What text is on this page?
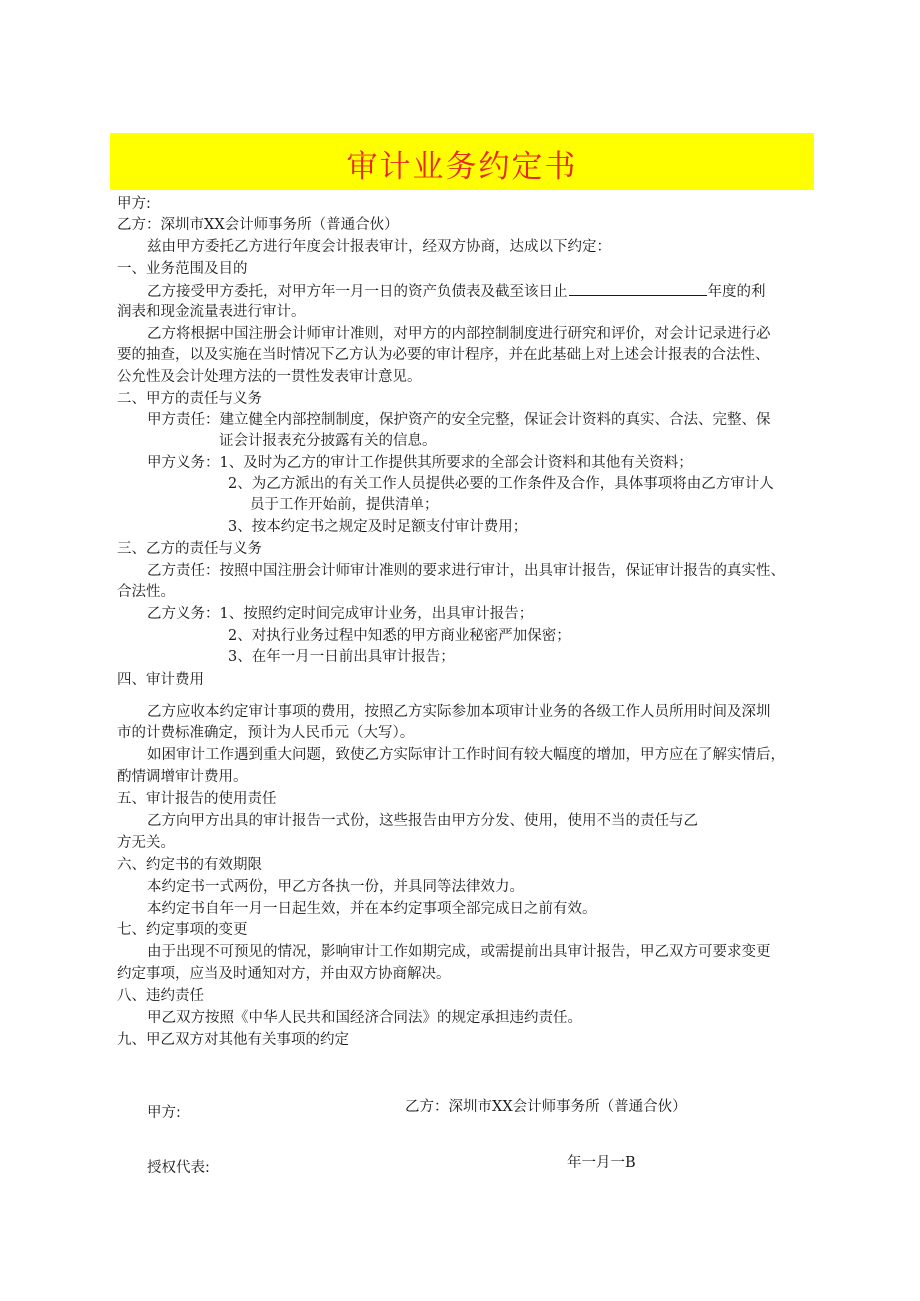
审计业务约定书
甲方:
乙方：深圳市XX会计师事务所（普通合伙）
兹由甲方委托乙方进行年度会计报表审计，经双方协商，达成以下约定：
一、业务范围及目的
乙方接受甲方委托，对甲方年一月一日的资产负债表及截至该日止	年度的利
润表和现金流量表进行审计。
乙方将根据中国注册会计师审计准则，对甲方的内部控制制度进行研究和评价，对会计记录进行必
要的抽查，以及实施在当时情况下乙方认为必要的审计程序，并在此基础上对上述会计报表的合法性、
公允性及会计处理方法的一贯性发表审计意见。
二、甲方的责任与义务
甲方责任：建立健全内部控制制度，保护资产的安全完整，保证会计资料的真实、合法、完整、保
证会计报表充分披露有关的信息。
甲方义务：1、及时为乙方的审计工作提供其所要求的全部会计资料和其他有关资料；
2、为乙方派出的有关工作人员提供必要的工作条件及合作，具体事项将由乙方审计人
员于工作开始前，提供清单；
3、按本约定书之规定及时足额支付审计费用；
三、乙方的责任与义务
乙方责任：按照中国注册会计师审计准则的要求进行审计，出具审计报告，保证审计报告的真实性、
合法性。
乙方义务：1、按照约定时间完成审计业务，出具审计报告；
2、对执行业务过程中知悉的甲方商业秘密严加保密；
3、在年一月一日前出具审计报告；
四、审计费用
乙方应收本约定审计事项的费用，按照乙方实际参加本项审计业务的各级工作人员所用时间及深圳
市的计费标准确定，预计为人民币元（大写）。
如困审计工作遇到重大问题，致使乙方实际审计工作时间有较大幅度的增加，甲方应在了解实情后，
酌情调增审计费用。
五、审计报告的使用责任
乙方向甲方出具的审计报告一式份，这些报告由甲方分发、使用，使用不当的责任与乙
方无关。
六、约定书的有效期限
本约定书一式两份，甲乙方各执一份，并具同等法律效力。
本约定书自年一月一日起生效，并在本约定事项全部完成日之前有效。
七、约定事项的变更
由于出现不可预见的情况，影响审计工作如期完成，或需提前出具审计报告，甲乙双方可要求变更
约定事项，应当及时通知对方，并由双方协商解决。
八、违约责任
甲乙双方按照《中华人民共和国经济合同法》的规定承担违约责任。
九、甲乙双方对其他有关事项的约定
甲方:	乙方：深圳市XX会计师事务所（普通合伙）
授权代表:	年一月一B
